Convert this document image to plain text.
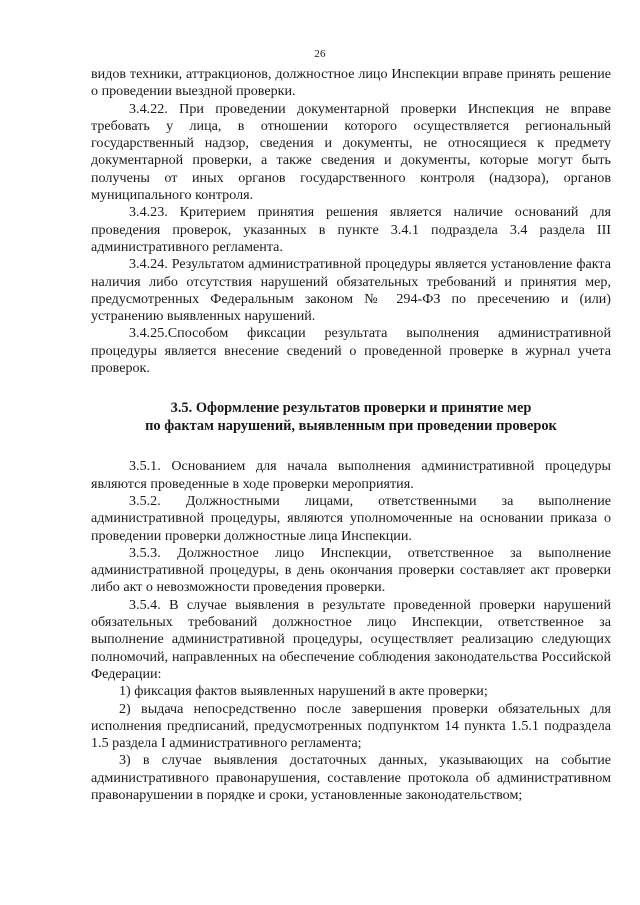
26

видов техники, аттракционов, должностное лицо Инспекции вправе принять решение о проведении выездной проверки.

3.4.22. При проведении документарной проверки Инспекция не вправе требовать у лица, в отношении которого осуществляется региональный государственный надзор, сведения и документы, не относящиеся к предмету документарной проверки, а также сведения и документы, которые могут быть получены от иных органов государственного контроля (надзора), органов муниципального контроля.

3.4.23. Критерием принятия решения является наличие оснований для проведения проверок, указанных в пункте 3.4.1 подраздела 3.4 раздела III административного регламента.

3.4.24. Результатом административной процедуры является установление факта наличия либо отсутствия нарушений обязательных требований и принятия мер, предусмотренных Федеральным законом № 294-ФЗ по пресечению и (или) устранению выявленных нарушений.

3.4.25.Способом фиксации результата выполнения административной процедуры является внесение сведений о проведенной проверке в журнал учета проверок.

3.5. Оформление результатов проверки и принятие мер
по фактам нарушений, выявленным при проведении проверок

3.5.1. Основанием для начала выполнения административной процедуры являются проведенные в ходе проверки мероприятия.

3.5.2. Должностными лицами, ответственными за выполнение административной процедуры, являются уполномоченные на основании приказа о проведении проверки должностные лица Инспекции.

3.5.3. Должностное лицо Инспекции, ответственное за выполнение административной процедуры, в день окончания проверки составляет акт проверки либо акт о невозможности проведения проверки.

3.5.4. В случае выявления в результате проведенной проверки нарушений обязательных требований должностное лицо Инспекции, ответственное за выполнение административной процедуры, осуществляет реализацию следующих полномочий, направленных на обеспечение соблюдения законодательства Российской Федерации:

1) фиксация фактов выявленных нарушений в акте проверки;

2) выдача непосредственно после завершения проверки обязательных для исполнения предписаний, предусмотренных подпунктом 14 пункта 1.5.1 подраздела 1.5 раздела I административного регламента;

3) в случае выявления достаточных данных, указывающих на событие административного правонарушения, составление протокола об административном правонарушении в порядке и сроки, установленные законодательством;
